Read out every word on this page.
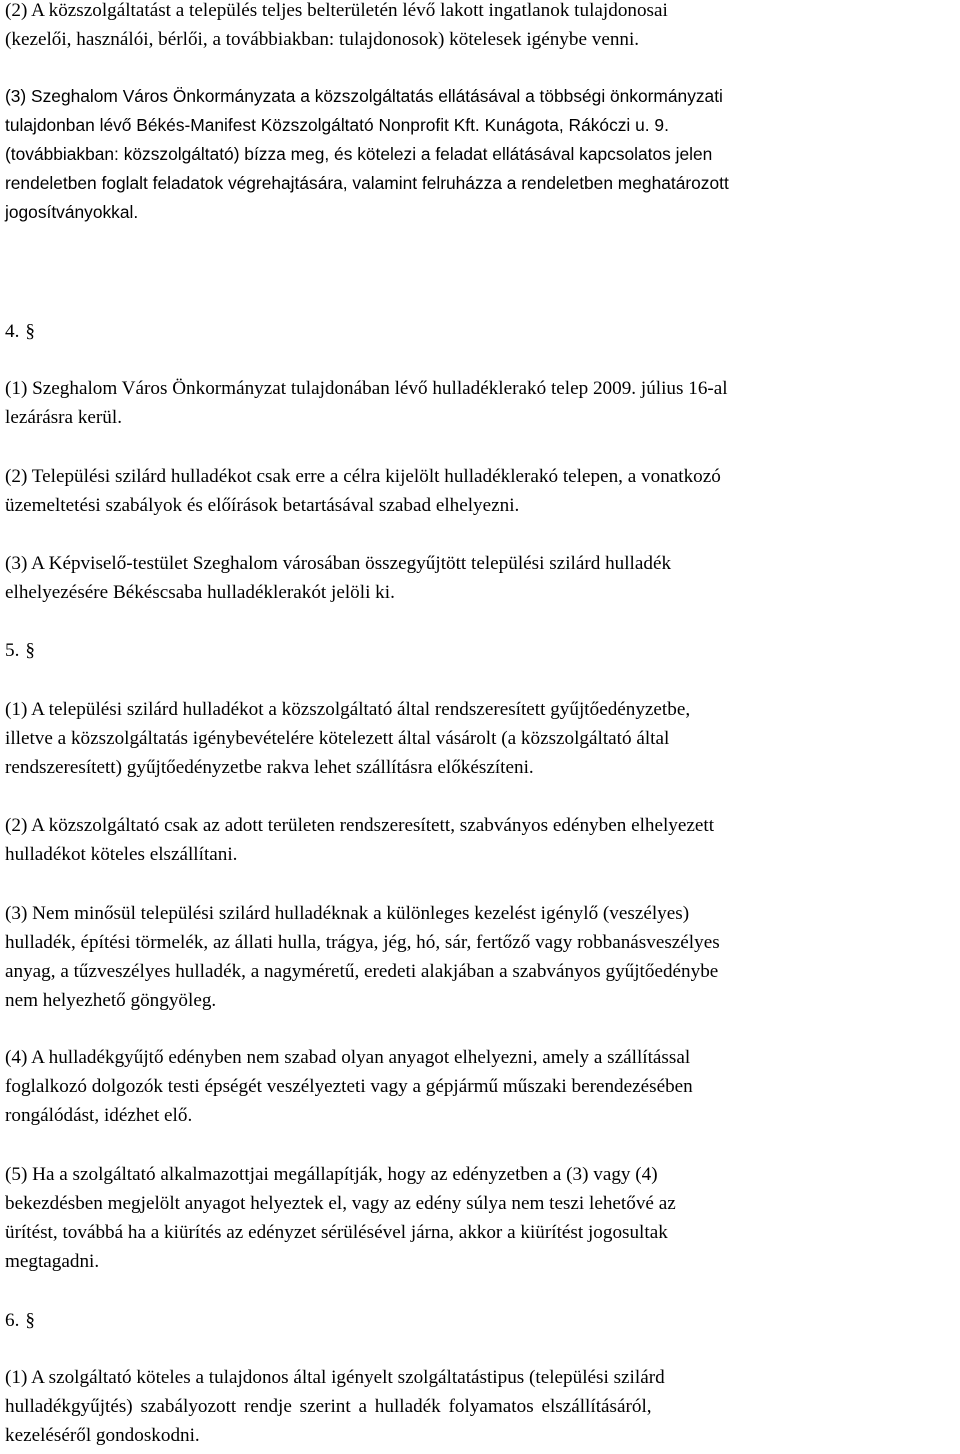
(2) A közszolgáltatást a település teljes belterületén lévő lakott ingatlanok tulajdonosai
(kezelői, használói, bérlői, a továbbiakban: tulajdonosok) kötelesek igénybe venni.
(3) Szeghalom Város Önkormányzata a közszolgáltatás ellátásával a többségi önkormányzati
tulajdonban lévő Békés-Manifest Közszolgáltató Nonprofit Kft. Kunágota, Rákóczi u. 9.
(továbbiakban: közszolgáltató) bízza meg, és kötelezi a feladat ellátásával kapcsolatos jelen
rendeletben foglalt feladatok végrehajtására, valamint felruházza a rendeletben meghatározott
jogosítványokkal.
4. §
(1) Szeghalom Város Önkormányzat tulajdonában lévő hulladéklerakó telep 2009. július 16-al
lezárásra kerül.
(2) Települési szilárd hulladékot csak erre a célra kijelölt hulladéklerakó telepen, a vonatkozó
üzemeltetési szabályok és előírások betartásával szabad elhelyezni.
(3) A Képviselő-testület Szeghalom városában összegyűjtött települési szilárd hulladék
elhelyezésére Békéscsaba hulladéklerakót jelöli ki.
5. §
(1) A települési szilárd hulladékot a közszolgáltató által rendszeresített gyűjtőedényzetbe,
illetve a közszolgáltatás igénybevételére kötelezett által vásárolt (a közszolgáltató által
rendszeresített) gyűjtőedényzetbe rakva lehet szállításra előkészíteni.
(2) A közszolgáltató csak az adott területen rendszeresített, szabványos edényben elhelyezett
hulladékot köteles elszállítani.
(3) Nem minősül települési szilárd hulladéknak a különleges kezelést igénylő (veszélyes)
hulladék, építési törmelék, az állati hulla, trágya, jég, hó, sár, fertőző vagy robbanásveszélyes
anyag, a tűzveszélyes hulladék, a nagyméretű, eredeti alakjában a szabványos gyűjtőedénybe
nem helyezhető göngyöleg.
(4) A hulladékgyűjtő edényben nem szabad olyan anyagot elhelyezni, amely a szállítással
foglalkozó dolgozók testi épségét veszélyezteti vagy a gépjármű műszaki berendezésében
rongálódást, idézhet elő.
(5) Ha a szolgáltató alkalmazottjai megállapítják, hogy az edényzetben a (3) vagy (4)
bekezdésben megjelölt anyagot helyeztek el, vagy az edény súlya nem teszi lehetővé az
ürítést, továbbá ha a kiürítés az edényzet sérülésével járna, akkor a kiürítést jogosultak
megtagadni.
6. §
(1) A szolgáltató köteles a tulajdonos által igényelt szolgáltatástipus (települési szilárd
hulladékgyűjtés) szabályozott rendje szerint a hulladék folyamatos elszállításáról,
kezeléséről gondoskodni.
